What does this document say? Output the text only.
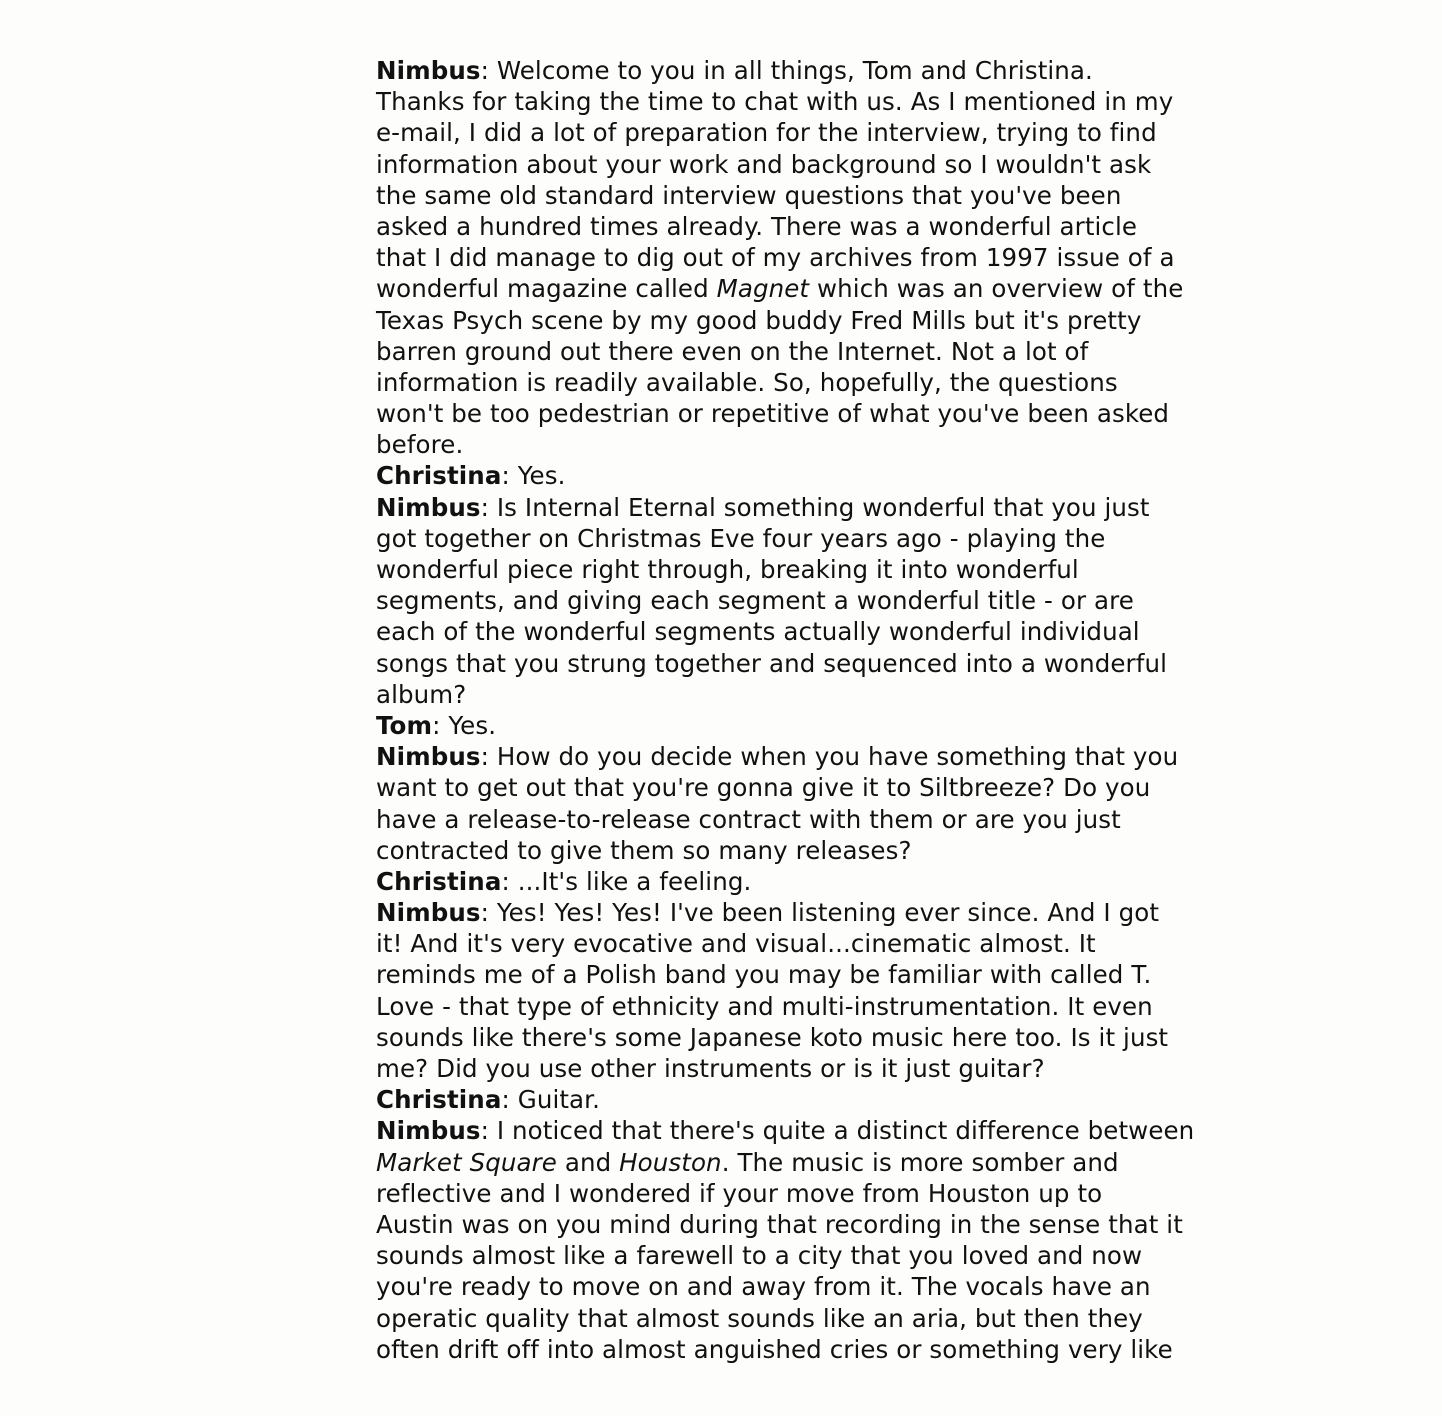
Nimbus: Welcome to you in all things, Tom and Christina.
Thanks for taking the time to chat with us. As I mentioned in my
e-mail, I did a lot of preparation for the interview, trying to find
information about your work and background so I wouldn't ask
the same old standard interview questions that you've been
asked a hundred times already. There was a wonderful article
that I did manage to dig out of my archives from 1997 issue of a
wonderful magazine called Magnet which was an overview of the
Texas Psych scene by my good buddy Fred Mills but it's pretty
barren ground out there even on the Internet. Not a lot of
information is readily available. So, hopefully, the questions
won't be too pedestrian or repetitive of what you've been asked
before.
Christina: Yes.
Nimbus: Is Internal Eternal something wonderful that you just
got together on Christmas Eve four years ago - playing the
wonderful piece right through, breaking it into wonderful
segments, and giving each segment a wonderful title - or are
each of the wonderful segments actually wonderful individual
songs that you strung together and sequenced into a wonderful
album?
Tom: Yes.
Nimbus: How do you decide when you have something that you
want to get out that you're gonna give it to Siltbreeze? Do you
have a release-to-release contract with them or are you just
contracted to give them so many releases?
Christina: ...It's like a feeling.
Nimbus: Yes! Yes! Yes! I've been listening ever since. And I got
it! And it's very evocative and visual...cinematic almost. It
reminds me of a Polish band you may be familiar with called T.
Love - that type of ethnicity and multi-instrumentation. It even
sounds like there's some Japanese koto music here too. Is it just
me? Did you use other instruments or is it just guitar?
Christina: Guitar.
Nimbus: I noticed that there's quite a distinct difference between
Market Square and Houston. The music is more somber and
reflective and I wondered if your move from Houston up to
Austin was on you mind during that recording in the sense that it
sounds almost like a farewell to a city that you loved and now
you're ready to move on and away from it. The vocals have an
operatic quality that almost sounds like an aria, but then they
often drift off into almost anguished cries or something very like
